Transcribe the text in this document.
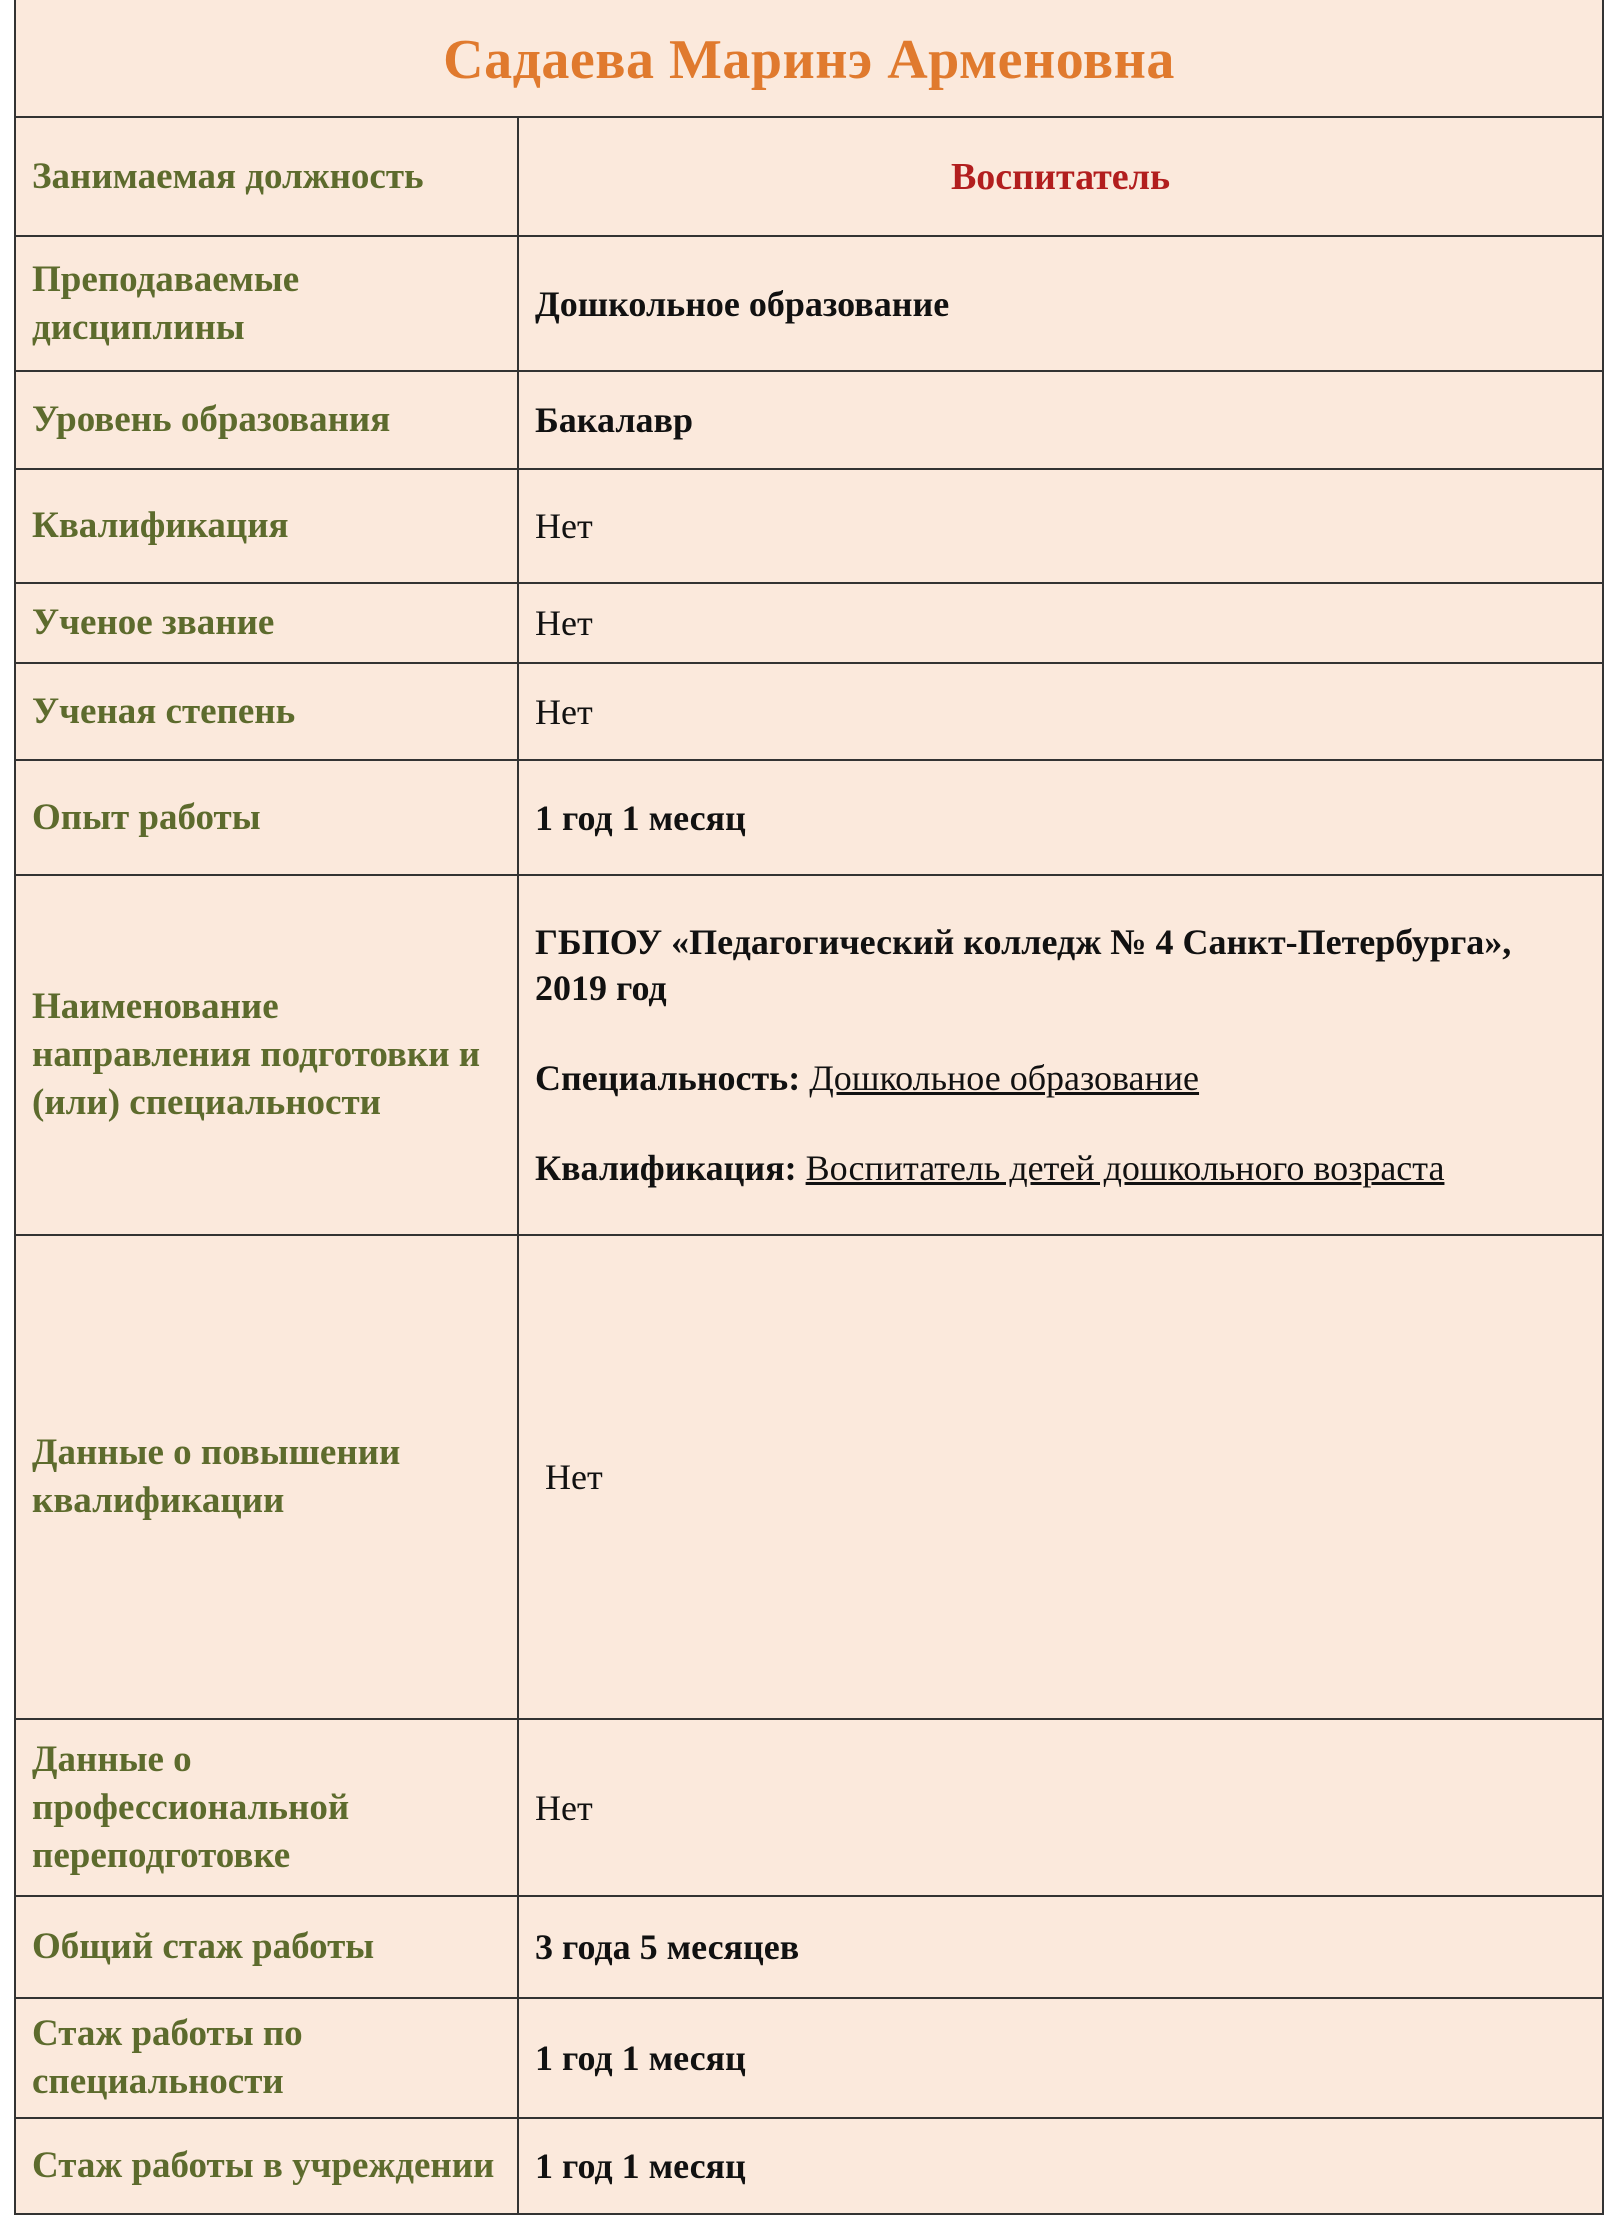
Садаева Маринэ Арменовна
Занимаемая должность	Воспитатель
Преподаваемые дисциплины	Дошкольное образование
Уровень образования	Бакалавр
Квалификация	Нет
Ученое звание	Нет
Ученая степень	Нет
Опыт работы	1 год 1 месяц
Наименование направления подготовки и (или) специальности	ГБПОУ «Педагогический колледж № 4 Санкт-Петербурга», 2019 год

Специальность: Дошкольное образование

Квалификация: Воспитатель детей дошкольного возраста

Данные о повышении квалификации	Нет
Данные о профессиональной переподготовке	Нет
Общий стаж работы	3 года 5 месяцев
Стаж работы по специальности	1 год 1 месяц
Стаж работы в учреждении	1 год 1 месяц
